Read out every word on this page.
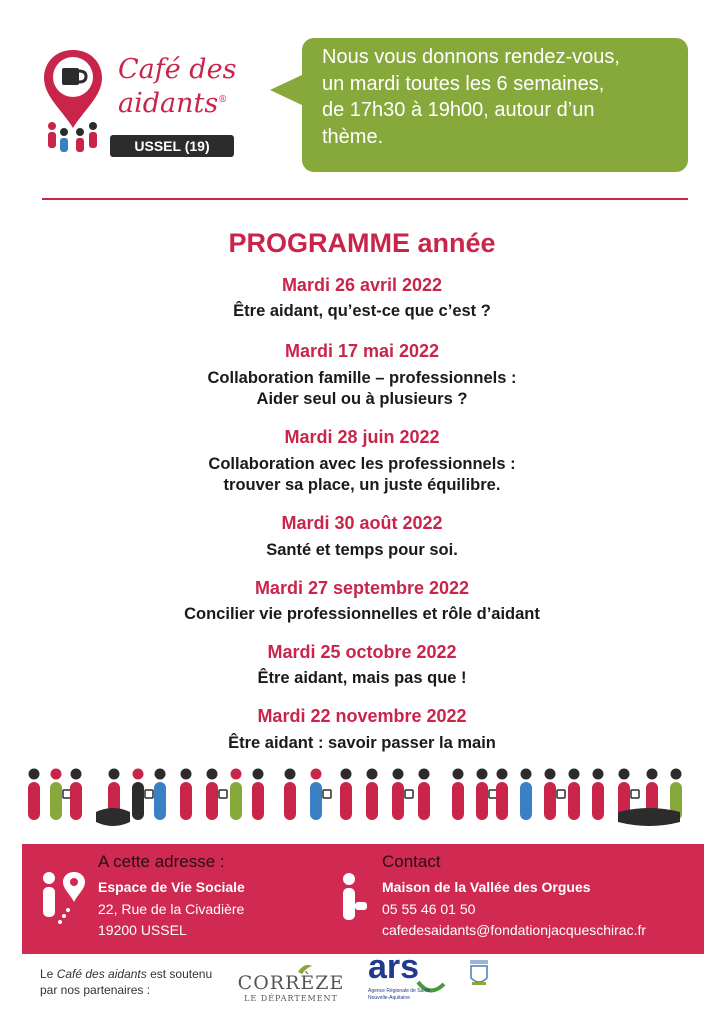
Café des
aidants®
USSEL (19)
Nous vous donnons rendez-vous,
un mardi toutes les 6 semaines,
de 17h30 à 19h00, autour d’un
thème.
PROGRAMME année
Mardi 26 avril 2022
Être aidant, qu’est-ce que c’est ?
Mardi 17 mai 2022
Collaboration famille – professionnels :
Aider seul ou à plusieurs ?
Mardi 28 juin 2022
Collaboration avec les professionnels :
trouver sa place, un juste équilibre.
Mardi 30 août 2022
Santé et temps pour soi.
Mardi 27 septembre 2022
Concilier vie professionnelles et rôle d’aidant
Mardi 25 octobre 2022
Être aidant, mais pas que !
Mardi 22 novembre 2022
Être aidant : savoir passer la main
A cette adresse :
Espace de Vie Sociale
22, Rue de la Civadière
19200 USSEL
Contact
Maison de la Vallée des Orgues
05 55 46 01 50
cafedesaidants@fondationjacqueschirac.fr
Le Café des aidants est soutenu
par nos partenaires :	CORRÈZE
LE DÉPARTEMENT
ars
Agence Régionale de Santé
Nouvelle-Aquitaine
